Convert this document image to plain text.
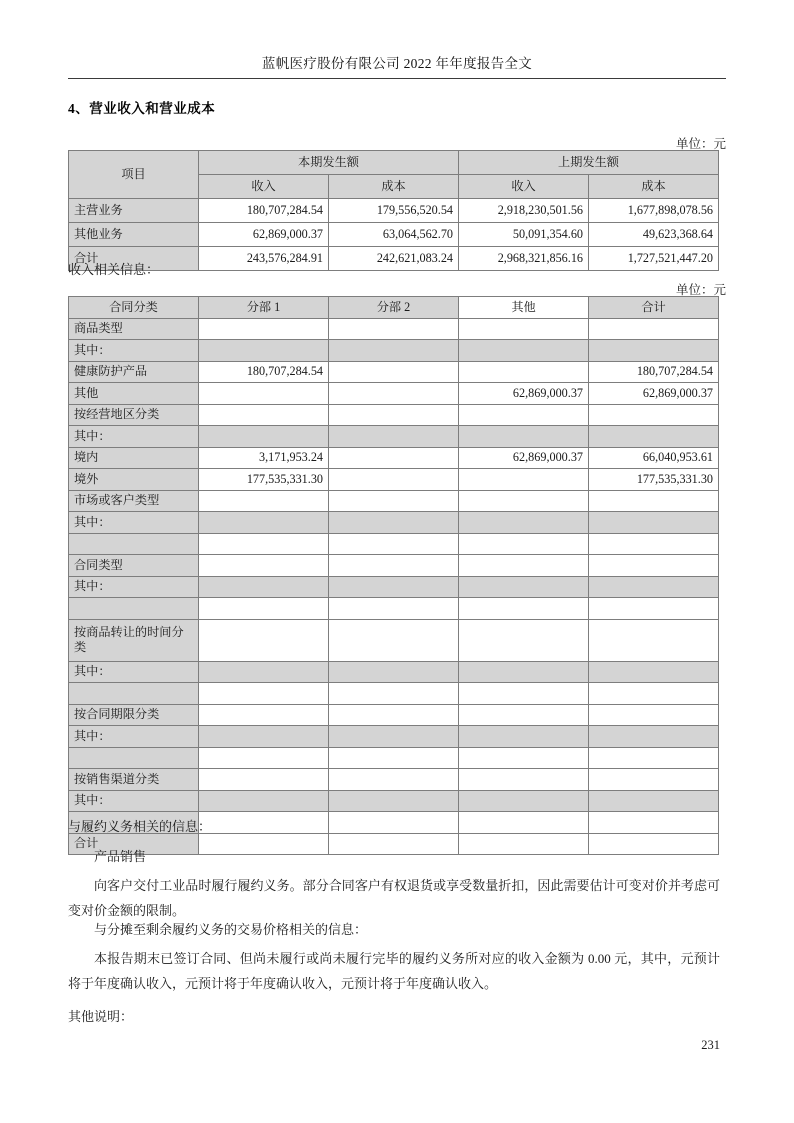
蓝帆医疗股份有限公司 2022 年年度报告全文
4、营业收入和营业成本
单位：元
项目	本期发生额		上期发生额	
	收入	成本	收入	成本
主营业务	180,707,284.54	179,556,520.54	2,918,230,501.56	1,677,898,078.56
其他业务	62,869,000.37	63,064,562.70	50,091,354.60	49,623,368.64
合计	243,576,284.91	242,621,083.24	2,968,321,856.16	1,727,521,447.20
收入相关信息：
单位：元
合同分类	分部 1	分部 2	其他	合计
商品类型				
其中：				
健康防护产品	180,707,284.54			180,707,284.54
其他			62,869,000.37	62,869,000.37
按经营地区分类				
其中：				
境内	3,171,953.24		62,869,000.37	66,040,953.61
境外	177,535,331.30			177,535,331.30
市场或客户类型				
其中：				

合同类型				
其中：				

按商品转让的时间分类				
其中：				

按合同期限分类				
其中：				

按销售渠道分类				
其中：				

合计				
与履约义务相关的信息：
产品销售
向客户交付工业品时履行履约义务。部分合同客户有权退货或享受数量折扣，因此需要估计可变对价并考虑可变对价金额的限制。
与分摊至剩余履约义务的交易价格相关的信息：
本报告期末已签订合同、但尚未履行或尚未履行完毕的履约义务所对应的收入金额为 0.00 元，其中，元预计将于年度确认收入，元预计将于年度确认收入，元预计将于年度确认收入。
其他说明：
231
